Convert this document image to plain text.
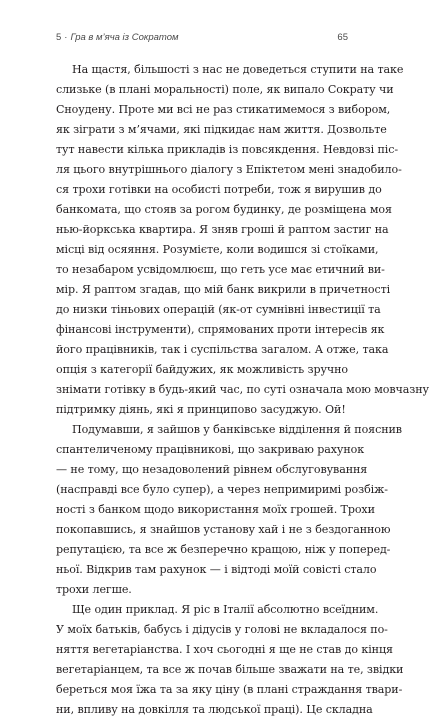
5 · Гра в м’яча із Сократом	65

На щастя, більшості з нас не доведеться ступити на таке
слизьке (в плані моральності) поле, як випало Сократу чи
Сноудену. Проте ми всі не раз стикатимемося з вибором,
як зіграти з м’ячами, які підкидає нам життя. Дозвольте
тут навести кілька прикладів із повсякдення. Невдовзі піс-
ля цього внутрішнього діалогу з Епіктетом мені знадобило-
ся трохи готівки на особисті потреби, тож я вирушив до
банкомата, що стояв за рогом будинку, де розміщена моя
нью-йоркська квартира. Я зняв гроші й раптом застиг на
місці від осяяння. Розумієте, коли водишся зі стоїками,
то незабаром усвідомлюєш, що геть усе має етичний ви-
мір. Я раптом згадав, що мій банк викрили в причетності
до низки тіньових операцій (як-от сумнівні інвестиції та
фінансові інструменти), спрямованих проти інтересів як
його працівників, так і суспільства загалом. А отже, така
опція з категорії байдужих, як можливість зручно
знімати готівку в будь-який час, по суті означала мою мовчазну
підтримку діянь, які я принципово засуджую. Ой!

Подумавши, я зайшов у банківське відділення й пояснив
спантеличеному працівникові, що закриваю рахунок
— не тому, що незадоволений рівнем обслуговування
(насправді все було супер), а через непримиримі розбіж-
ності з банком щодо використання моїх грошей. Трохи
покопавшись, я знайшов установу хай і не з бездоганною
репутацією, та все ж безперечно кращою, ніж у поперед-
ньої. Відкрив там рахунок — і відтоді моїй совісті стало
трохи легше.

Ще один приклад. Я ріс в Італії абсолютно всеїдним.
У моїх батьків, бабусь і дідусів у голові не вкладалося по-
няття вегетаріанства. І хоч сьогодні я ще не став до кінця
вегетаріанцем, та все ж почав більше зважати на те, звідки
береться моя їжа та за яку ціну (в плані страждання твари-
ни, впливу на довкілля та людської праці). Це складна
